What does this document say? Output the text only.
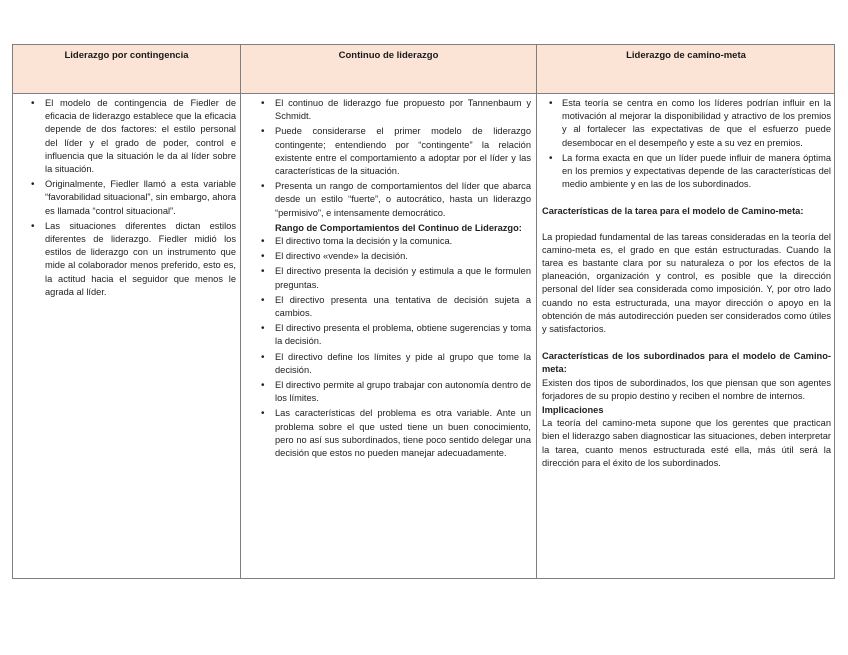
Liderazgo por contingencia	Continuo de liderazgo	Liderazgo de camino-meta
• El modelo de contingencia de Fiedler de eficacia de liderazgo establece que la eficacia depende de dos factores: el estilo personal del líder y el grado de poder, control e influencia que la situación le da al líder sobre la situación.
• Originalmente, Fiedler llamó a esta variable “favorabilidad situacional”, sin embargo, ahora es llamada “control situacional”.
• Las situaciones diferentes dictan estilos diferentes de liderazgo. Fiedler midió los estilos de liderazgo con un instrumento que mide al colaborador menos preferido, esto es, la actitud hacia el seguidor que menos le agrada al líder.
• El continuo de liderazgo fue propuesto por Tannenbaum y Schmidt.
• Puede considerarse el primer modelo de liderazgo contingente; entendiendo por “contingente” la relación existente entre el comportamiento a adoptar por el líder y las características de la situación.
• Presenta un rango de comportamientos del líder que abarca desde un estilo “fuerte”, o autocrático, hasta un liderazgo “permisivo”, e intensamente democrático.
Rango de Comportamientos del Continuo de Liderazgo:
• El directivo toma la decisión y la comunica.
• El directivo «vende» la decisión.
• El directivo presenta la decisión y estimula a que le formulen preguntas.
• El directivo presenta una tentativa de decisión sujeta a cambios.
• El directivo presenta el problema, obtiene sugerencias y toma la decisión.
• El directivo define los límites y pide al grupo que tome la decisión.
• El directivo permite al grupo trabajar con autonomía dentro de los límites.
• Las características del problema es otra variable. Ante un problema sobre el que usted tiene un buen conocimiento, pero no así sus subordinados, tiene poco sentido delegar una decisión que estos no pueden manejar adecuadamente.
• Esta teoría se centra en como los líderes podrían influir en la motivación al mejorar la disponibilidad y atractivo de los premios y al fortalecer las expectativas de que el esfuerzo puede desembocar en el desempeño y este a su vez en premios.
• La forma exacta en que un líder puede influir de manera óptima en los premios y expectativas depende de las características del medio ambiente y en las de los subordinados.
Características de la tarea para el modelo de Camino-meta:
La propiedad fundamental de las tareas consideradas en la teoría del camino-meta es, el grado en que están estructuradas. Cuando la tarea es bastante clara por su naturaleza o por los efectos de la planeación, organización y control, es posible que la dirección personal del líder sea considerada como imposición. Y, por otro lado cuando no esta estructurada, una mayor dirección o apoyo en la obtención de más autodirección pueden ser considerados como útiles y satisfactorios.
Características de los subordinados para el modelo de Camino-meta:
Existen dos tipos de subordinados, los que piensan que son agentes forjadores de su propio destino y reciben el nombre de internos.
Implicaciones
La teoría del camino-meta supone que los gerentes que practican bien el liderazgo saben diagnosticar las situaciones, deben interpretar la tarea, cuanto menos estructurada esté ella, más útil será la dirección para el éxito de los subordinados.
